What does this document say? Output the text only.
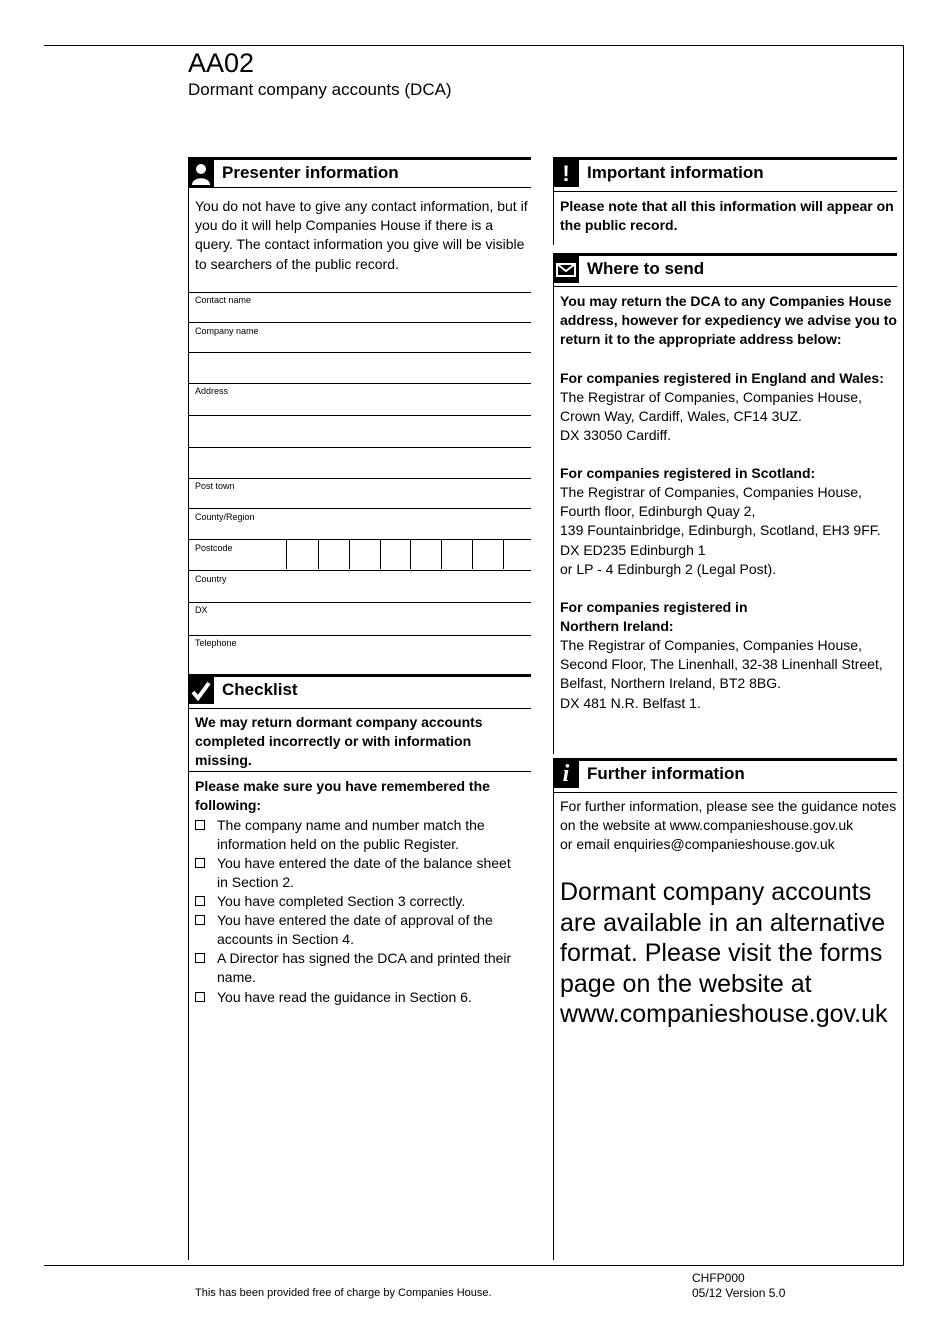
AA02
Dormant company accounts (DCA)
Presenter information
You do not have to give any contact information, but if you do it will help Companies House if there is a query. The contact information you give will be visible to searchers of the public record.
Contact name
Company name
Address
Post town
County/Region
Postcode
Country
DX
Telephone
Checklist
We may return dormant company accounts completed incorrectly or with information missing.
Please make sure you have remembered the following:
The company name and number match the information held on the public Register.
You have entered the date of the balance sheet in Section 2.
You have completed Section 3 correctly.
You have entered the date of approval of the accounts in Section 4.
A Director has signed the DCA and printed their name.
You have read the guidance in Section 6.
!	Important information
Please note that all this information will appear on the public record.
Where to send
You may return the DCA to any Companies House address, however for expediency we advise you to return it to the appropriate address below:
For companies registered in England and Wales:
The Registrar of Companies, Companies House,
Crown Way, Cardiff, Wales, CF14 3UZ.
DX 33050 Cardiff.
For companies registered in Scotland:
The Registrar of Companies, Companies House,
Fourth floor, Edinburgh Quay 2,
139 Fountainbridge, Edinburgh, Scotland, EH3 9FF.
DX ED235 Edinburgh 1
or LP - 4 Edinburgh 2 (Legal Post).
For companies registered in
Northern Ireland:
The Registrar of Companies, Companies House,
Second Floor, The Linenhall, 32-38 Linenhall Street,
Belfast, Northern Ireland, BT2 8BG.
DX 481 N.R. Belfast 1.
i	Further information
For further information, please see the guidance notes
on the website at www.companieshouse.gov.uk
or email enquiries@companieshouse.gov.uk
Dormant company accounts are available in an alternative format. Please visit the forms page on the website at www.companieshouse.gov.uk
This has been provided free of charge by Companies House.
CHFP000
05/12 Version 5.0
